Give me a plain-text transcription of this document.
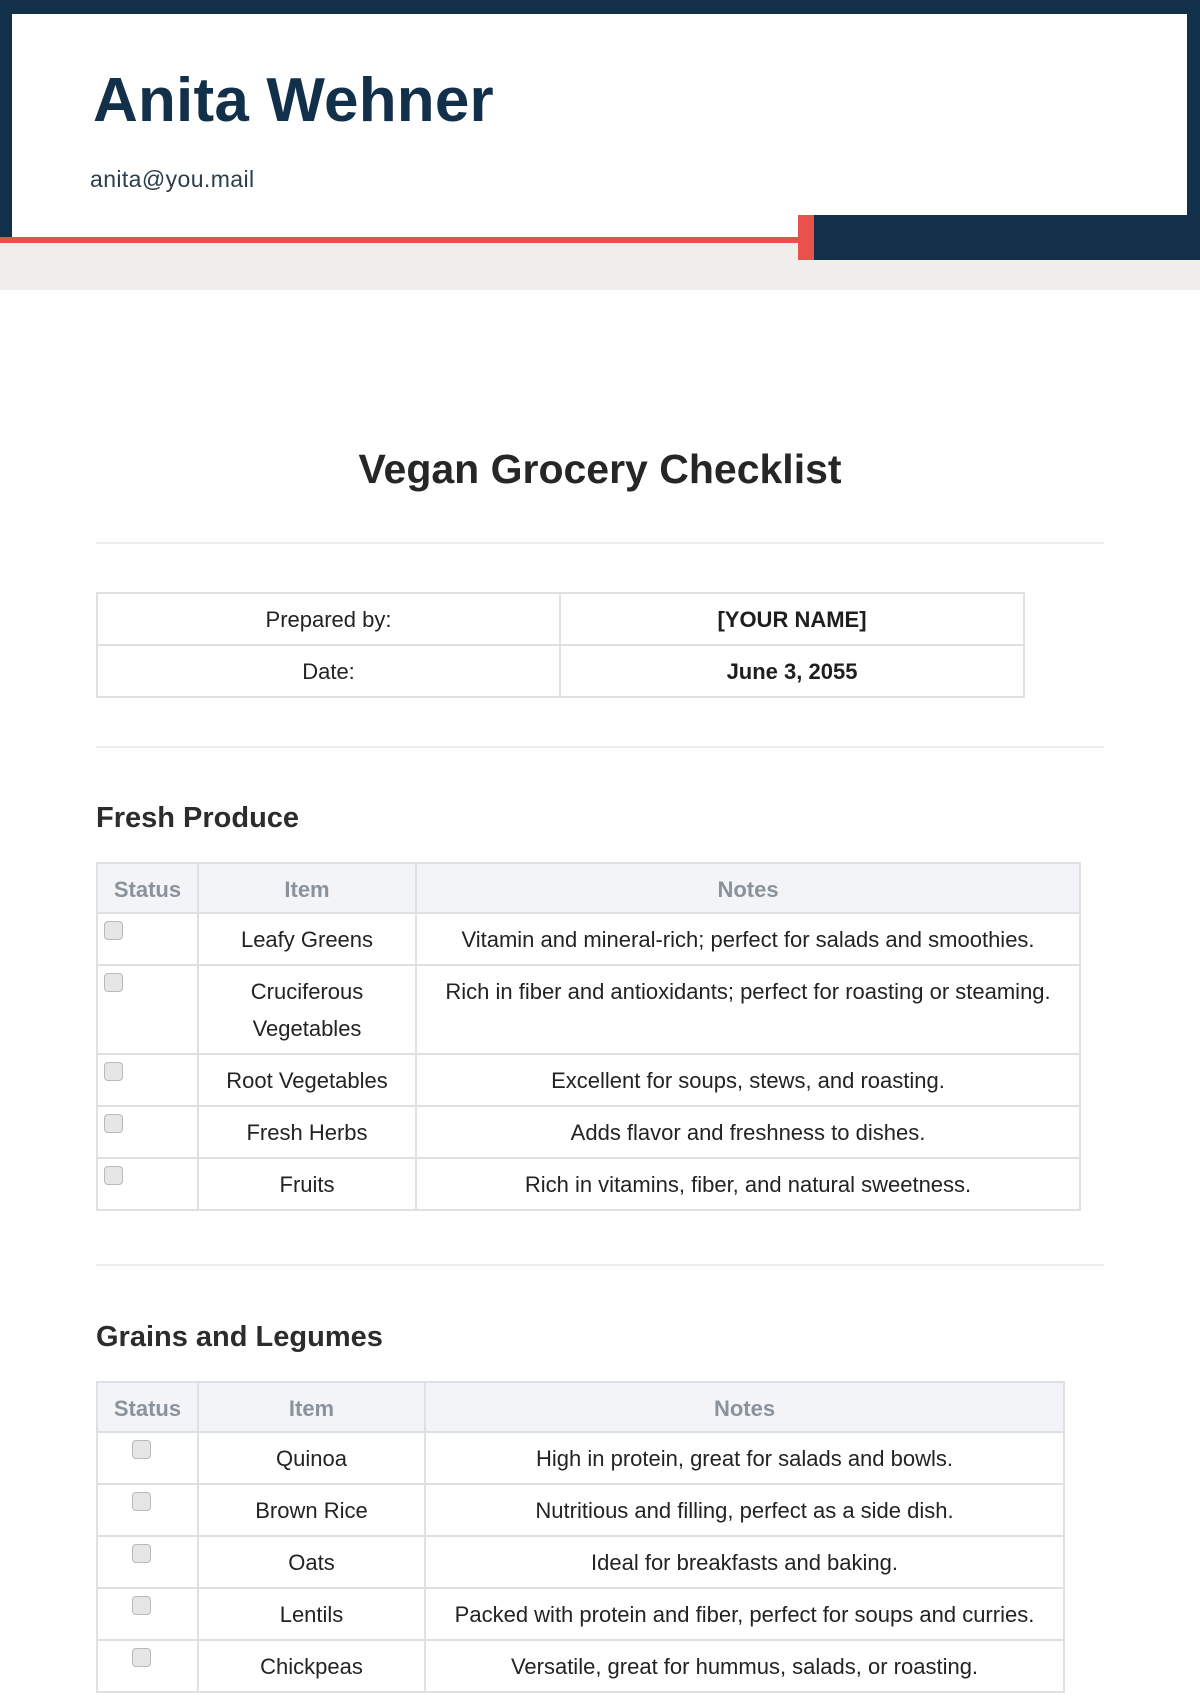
Anita Wehner
anita@you.mail
Vegan Grocery Checklist
Prepared by:	[YOUR NAME]
Date:	June 3, 2055
Fresh Produce
Status	Item	Notes

	Leafy Greens	Vitamin and mineral-rich; perfect for salads and smoothies.

	Cruciferous Vegetables	Rich in fiber and antioxidants; perfect for roasting or steaming.

	Root Vegetables	Excellent for soups, stews, and roasting.

	Fresh Herbs	Adds flavor and freshness to dishes.

	Fruits	Rich in vitamins, fiber, and natural sweetness.
Grains and Legumes
Status	Item	Notes

	Quinoa	High in protein, great for salads and bowls.

	Brown Rice	Nutritious and filling, perfect as a side dish.

	Oats	Ideal for breakfasts and baking.

	Lentils	Packed with protein and fiber, perfect for soups and curries.

	Chickpeas	Versatile, great for hummus, salads, or roasting.
